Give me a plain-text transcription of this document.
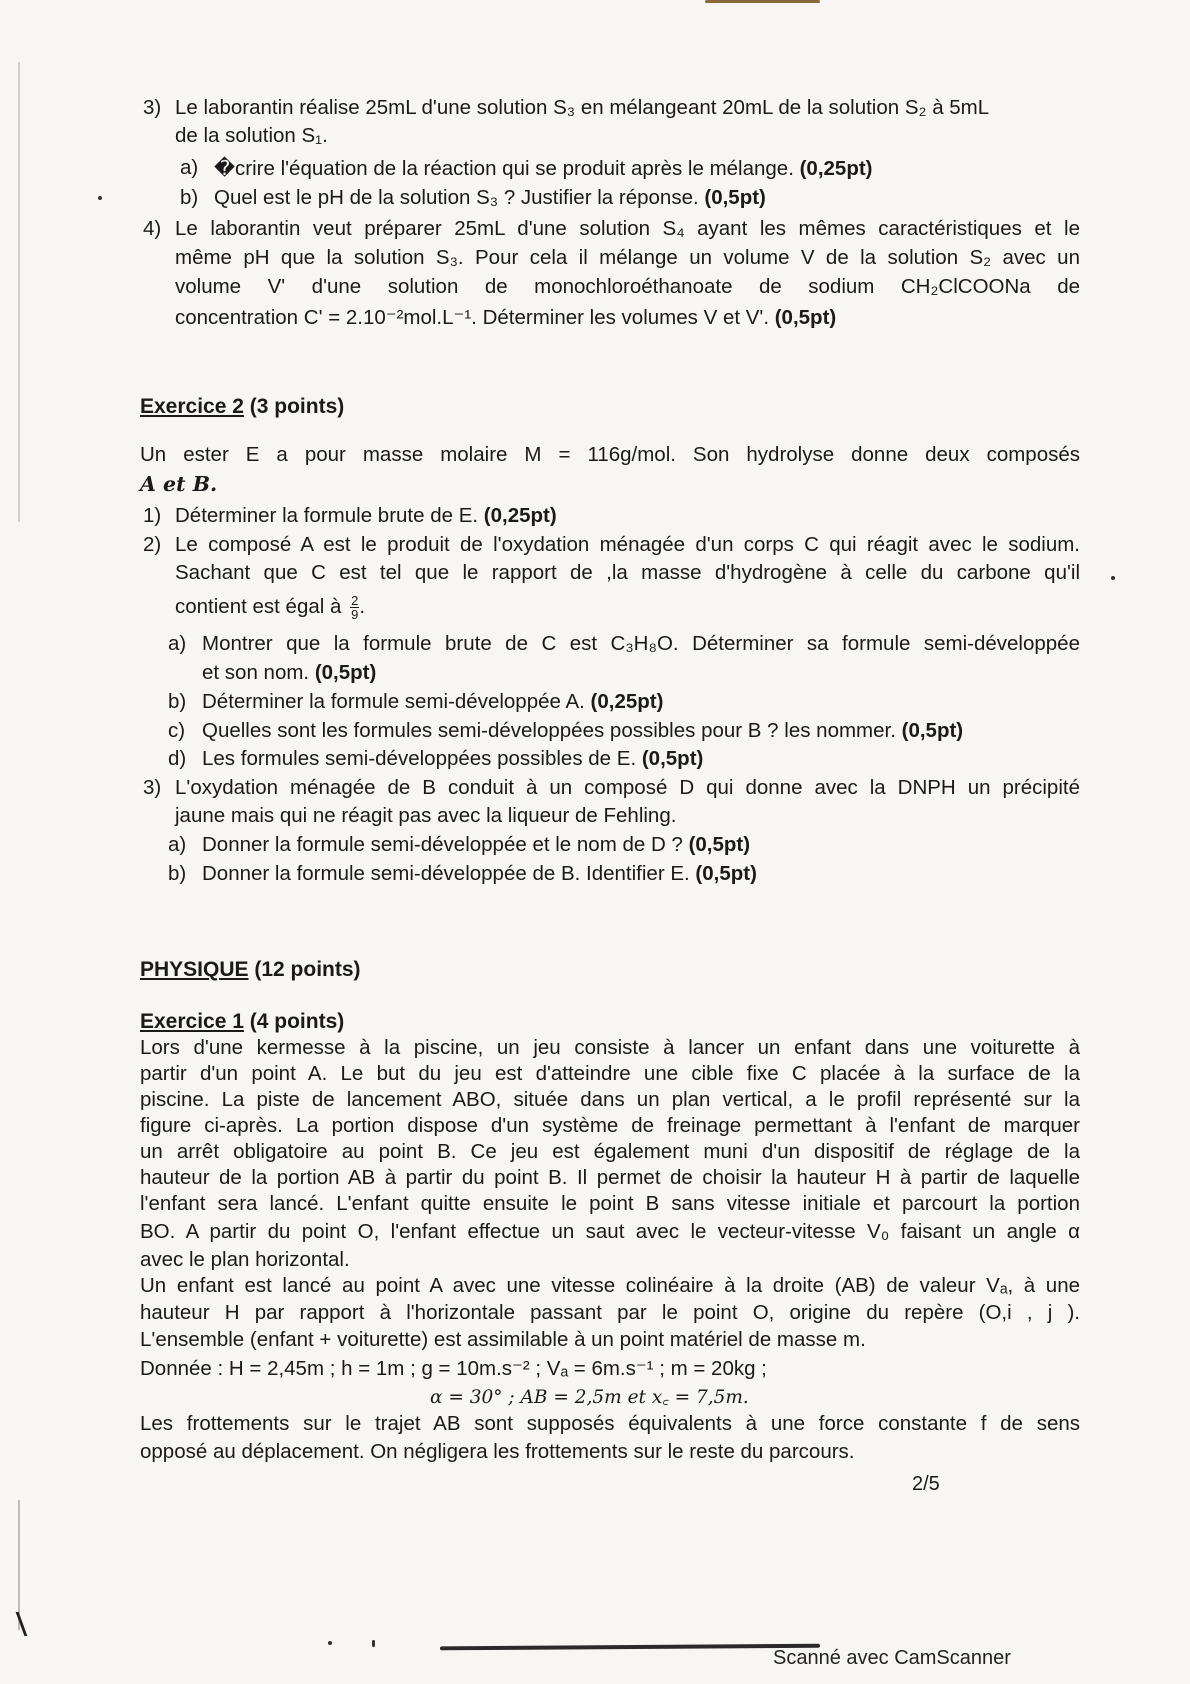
3) Le laborantin réalise 25mL d'une solution S₃ en mélangeant 20mL de la solution S₂ à 5mL
de la solution S₁.
a) �crire l'équation de la réaction qui se produit après le mélange. (0,25pt)
b) Quel est le pH de la solution S₃ ? Justifier la réponse. (0,5pt)
4) Le laborantin veut préparer 25mL d'une solution S₄ ayant les mêmes caractéristiques et le
même pH que la solution S₃. Pour cela il mélange un volume V de la solution S₂ avec un
volume V' d'une solution de monochloroéthanoate de sodium CH₂ClCOONa de
concentration C' = 2.10⁻²mol.L⁻¹. Déterminer les volumes V et V'. (0,5pt)
Exercice 2 (3 points)
Un ester E a pour masse molaire M = 116g/mol. Son hydrolyse donne deux composés
A et B.
1) Déterminer la formule brute de E. (0,25pt)
2) Le composé A est le produit de l'oxydation ménagée d'un corps C qui réagit avec le sodium.
Sachant que C est tel que le rapport de ,la masse d'hydrogène à celle du carbone qu'il
contient est égal à $\frac{2}{9}$ .
a) Montrer que la formule brute de C est C₃H₈O. Déterminer sa formule semi-développée
et son nom. (0,5pt)
b) Déterminer la formule semi-développée A. (0,25pt)
c) Quelles sont les formules semi-développées possibles pour B ? les nommer. (0,5pt)
d) Les formules semi-développées possibles de E. (0,5pt)
3) L'oxydation ménagée de B conduit à un composé D qui donne avec la DNPH un précipité
jaune mais qui ne réagit pas avec la liqueur de Fehling.
a) Donner la formule semi-développée et le nom de D ? (0,5pt)
b) Donner la formule semi-développée de B. Identifier E. (0,5pt)
PHYSIQUE (12 points)
Exercice 1 (4 points)
Lors d'une kermesse à la piscine, un jeu consiste à lancer un enfant dans une voiturette à
partir d'un point A. Le but du jeu est d'atteindre une cible fixe C placée à la surface de la
piscine. La piste de lancement ABO, située dans un plan vertical, a le profil représenté sur la
figure ci-après. La portion dispose d'un système de freinage permettant à l'enfant de marquer
un arrêt obligatoire au point B. Ce jeu est également muni d'un dispositif de réglage de la
hauteur de la portion AB à partir du point B. Il permet de choisir la hauteur H à partir de laquelle
l'enfant sera lancé. L'enfant quitte ensuite le point B sans vitesse initiale et parcourt la portion
BO. A partir du point O, l'enfant effectue un saut avec le vecteur-vitesse V₀ faisant un angle α
avec le plan horizontal.
Un enfant est lancé au point A avec une vitesse colinéaire à la droite (AB) de valeur Vₐ, à une
hauteur H par rapport à l'horizontale passant par le point O, origine du repère (O,i , j ).
L'ensemble (enfant + voiturette) est assimilable à un point matériel de masse m.
Donnée : H = 2,45m ; h = 1m ; g = 10m.s⁻² ; Vₐ = 6m.s⁻¹ ; m = 20kg ;
α = 30° ; AB = 2,5m et x꜀ = 7,5m.
Les frottements sur le trajet AB sont supposés équivalents à une force constante f de sens
opposé au déplacement. On négligera les frottements sur le reste du parcours.
2/5
Scanné avec CamScanner
